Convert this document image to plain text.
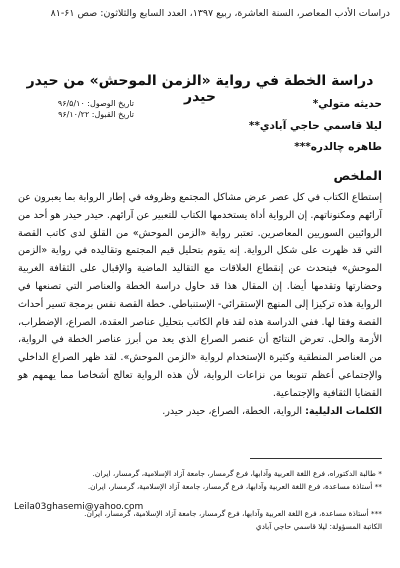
دراسات الأدب المعاصر، السنة العاشرة، ربيع ١٣٩٧، العدد السابع والثلاثون: صص ۶۱-۸۱
دراسة الخطة في رواية «الزمن الموحش» من حيدر حيدر	حديثه متولي*
ليلا قاسمي حاجي آبادي**
طاهره چالدره***
تاریخ الوصول: ۹۶/۵/۱۰
تاریخ القبول: ۹۶/۱۰/۲۲
الملخص
إستطاع الكتاب في كل عصر عرض مشاكل المجتمع وظروفه في إطار الرواية بما يعبرون عن آرائهم ومكنوناتهم. إن الرواية أداة يستخدمها الكتاب للتعبير عن آرائهم. حيدر حيدر هو أحد من الروائيين السوريين المعاصرين. تعتبر رواية «الزمن الموحش» من القلق لدى كاتب القصة التي قد ظهرت على شكل الرواية. إنه يقوم بتحليل قيم المجتمع وتقاليده في رواية «الزمن الموحش» فيتحدث عن إنقطاع العلاقات مع التقاليد الماضية والإقبال على الثقافة الغربية وحضارتها وتقدمها أيضا. إن المقال هذا قد حاول دراسة الخطة والعناصر التي تصنعها في الرواية هذه تركيزا إلى المنهج الإستقرائي- الإستنباطي. خطة القصة نفس برمجة تسير أحداث القصة وفقا لها. ففي الدراسة هذه لقد قام الكاتب بتحليل عناصر العقدة، الصراع، الإضطراب، الأزمة والحل. تعرض النتائج أن عنصر الصراع الذي يعد من أبرز عناصر الخطة في الرواية، من العناصر المنطقية وكثيرة الإستخدام لرواية «الزمن الموحش». لقد ظهر الصراع الداخلي والإجتماعي أعظم تنويعا من نزاعات الرواية، لأن هذه الرواية تعالج أشخاصا مما يهمهم هو القضايا الثقافية والإجتماعية.
الكلمات الدليلية: الرواية، الخطة، الصراع، حيدر حيدر.
* طالبة الدكتوراه، فرع اللغة العربية وآدابها، فرع گرمسار، جامعة آزاد الإسلامية، گرمسار، ایران.
** أستاذة مساعدة، فرع اللغة العربية وآدابها، فرع گرمسار، جامعة آزاد الإسلامية، گرمسار، ایران.
*** أستاذة مساعدة، فرع اللغة العربية وآدابها، فرع گرمسار، جامعة آزاد الإسلامية، گرمسار، ایران.
الكاتبة المسؤولة: ليلا قاسمي حاجي آبادي
Leila03ghasemi@yahoo.com
